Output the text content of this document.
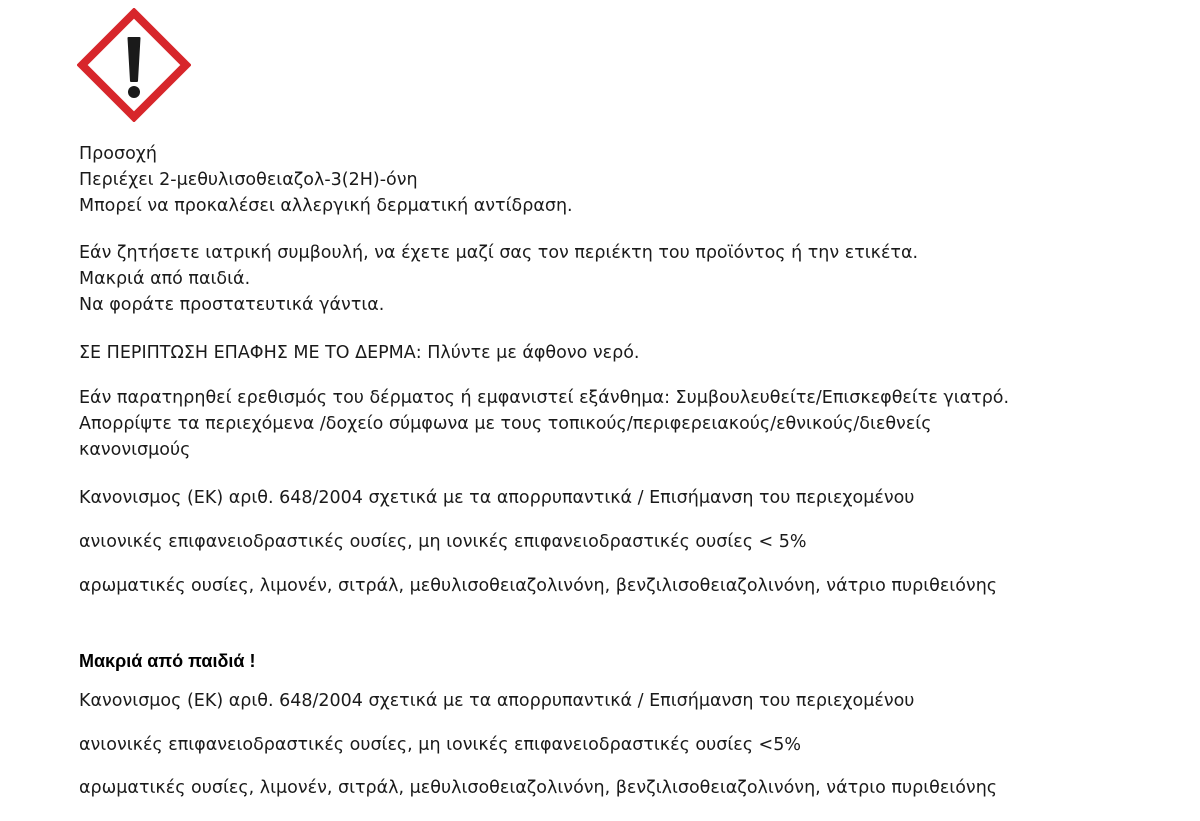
Προσοχή
Περιέχει 2-μεθυλισοθειαζολ-3(2Η)-όνη
Μπορεί να προκαλέσει αλλεργική δερματική αντίδραση.
Εάν ζητήσετε ιατρική συμβουλή, να έχετε μαζί σας τον περιέκτη του προϊόντος ή την ετικέτα.
Μακριά από παιδιά.
Να φοράτε προστατευτικά γάντια.
ΣΕ ΠΕΡΙΠΤΩΣΗ ΕΠΑΦΗΣ ΜΕ ΤΟ ΔΕΡΜΑ: Πλύντε με άφθονο νερό.
Εάν παρατηρηθεί ερεθισμός του δέρματος ή εμφανιστεί εξάνθημα: Συμβουλευθείτε/Επισκεφθείτε γιατρό.
Απορρίψτε τα περιεχόμενα /δοχείο σύμφωνα με τους τοπικούς/περιφερειακούς/εθνικούς/διεθνείς
κανονισμούς
Κανονισμος (ΕΚ) αριθ. 648/2004 σχετικά με τα απορρυπαντικά / Επισήμανση του περιεχομένου
ανιονικές επιφανειοδραστικές ουσίες, μη ιονικές επιφανειοδραστικές ουσίες < 5%
αρωματικές ουσίες, λιμονέν, σιτράλ, μεθυλισοθειαζολινόνη, βενζιλισοθειαζολινόνη, νάτριο πυριθειόνης
Μακριά από παιδιά !
Κανονισμος (ΕΚ) αριθ. 648/2004 σχετικά με τα απορρυπαντικά / Επισήμανση του περιεχομένου
ανιονικές επιφανειοδραστικές ουσίες, μη ιονικές επιφανειοδραστικές ουσίες <5%
αρωματικές ουσίες, λιμονέν, σιτράλ, μεθυλισοθειαζολινόνη, βενζιλισοθειαζολινόνη, νάτριο πυριθειόνης
